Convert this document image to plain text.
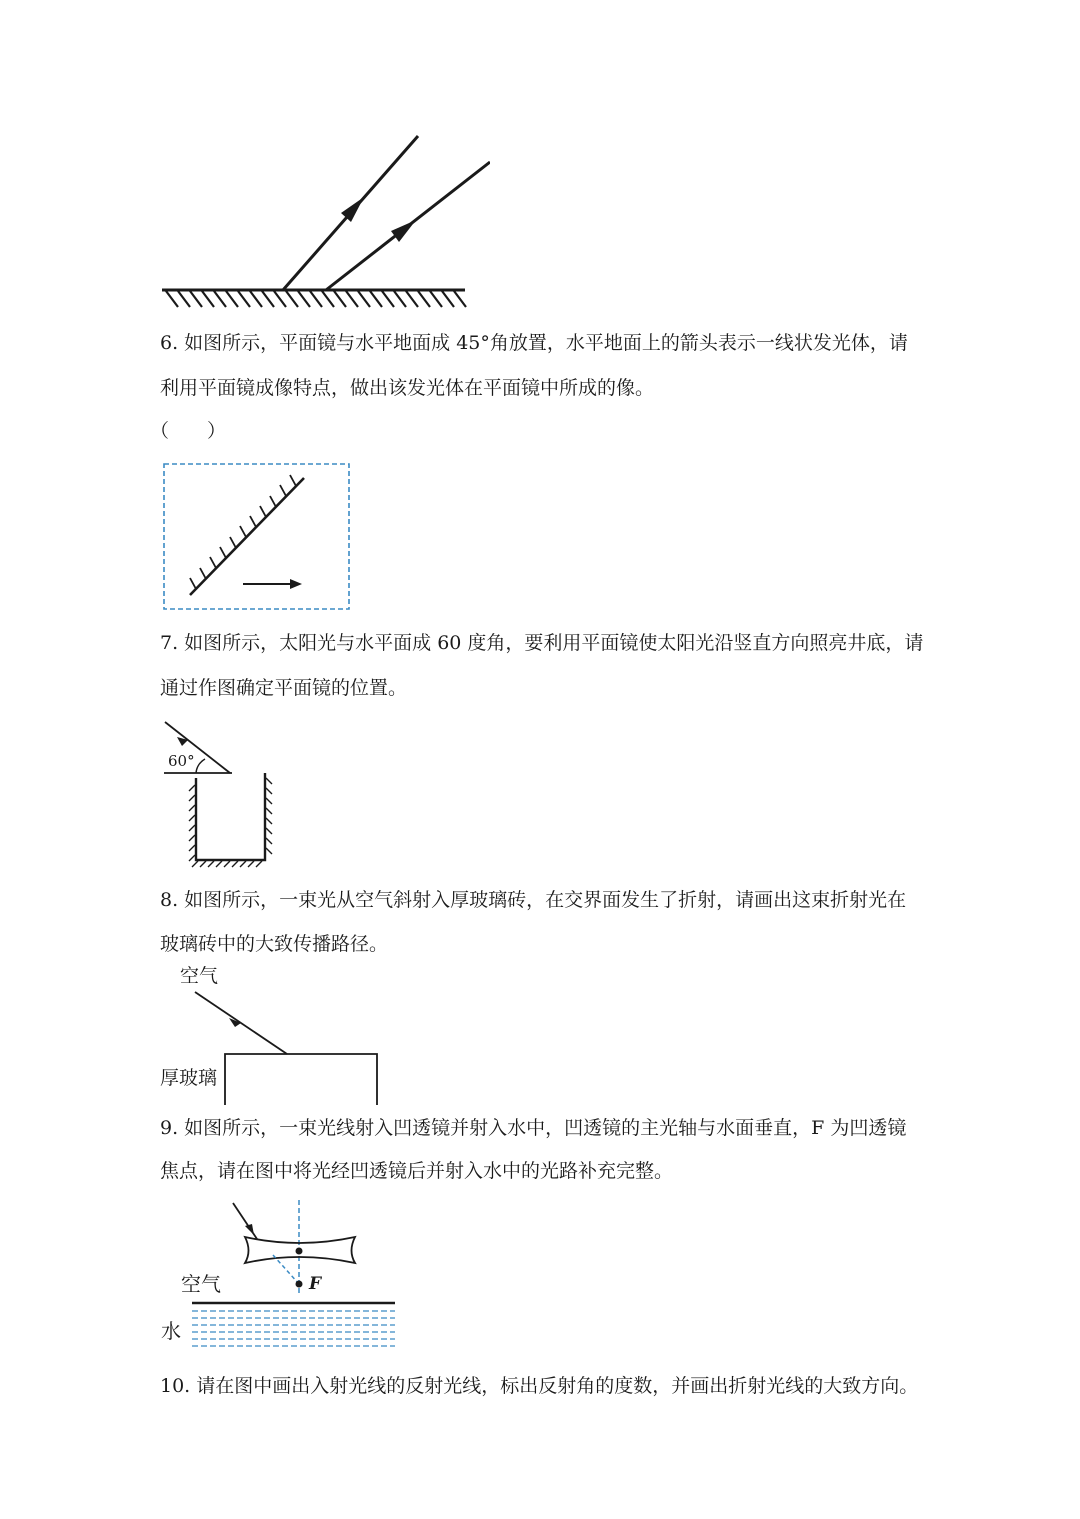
6. 如图所示，平面镜与水平地面成 45°角放置，水平地面上的箭头表示一线状发光体，请
利用平面镜成像特点，做出该发光体在平面镜中所成的像。
（　　）
7. 如图所示，太阳光与水平面成 60 度角，要利用平面镜使太阳光沿竖直方向照亮井底，请
通过作图确定平面镜的位置。
60°
8. 如图所示，一束光从空气斜射入厚玻璃砖，在交界面发生了折射，请画出这束折射光在
玻璃砖中的大致传播路径。
空气
厚玻璃
9. 如图所示，一束光线射入凹透镜并射入水中，凹透镜的主光轴与水面垂直，F 为凹透镜
焦点，请在图中将光经凹透镜后并射入水中的光路补充完整。
F
空气
水
10. 请在图中画出入射光线的反射光线，标出反射角的度数，并画出折射光线的大致方向。
